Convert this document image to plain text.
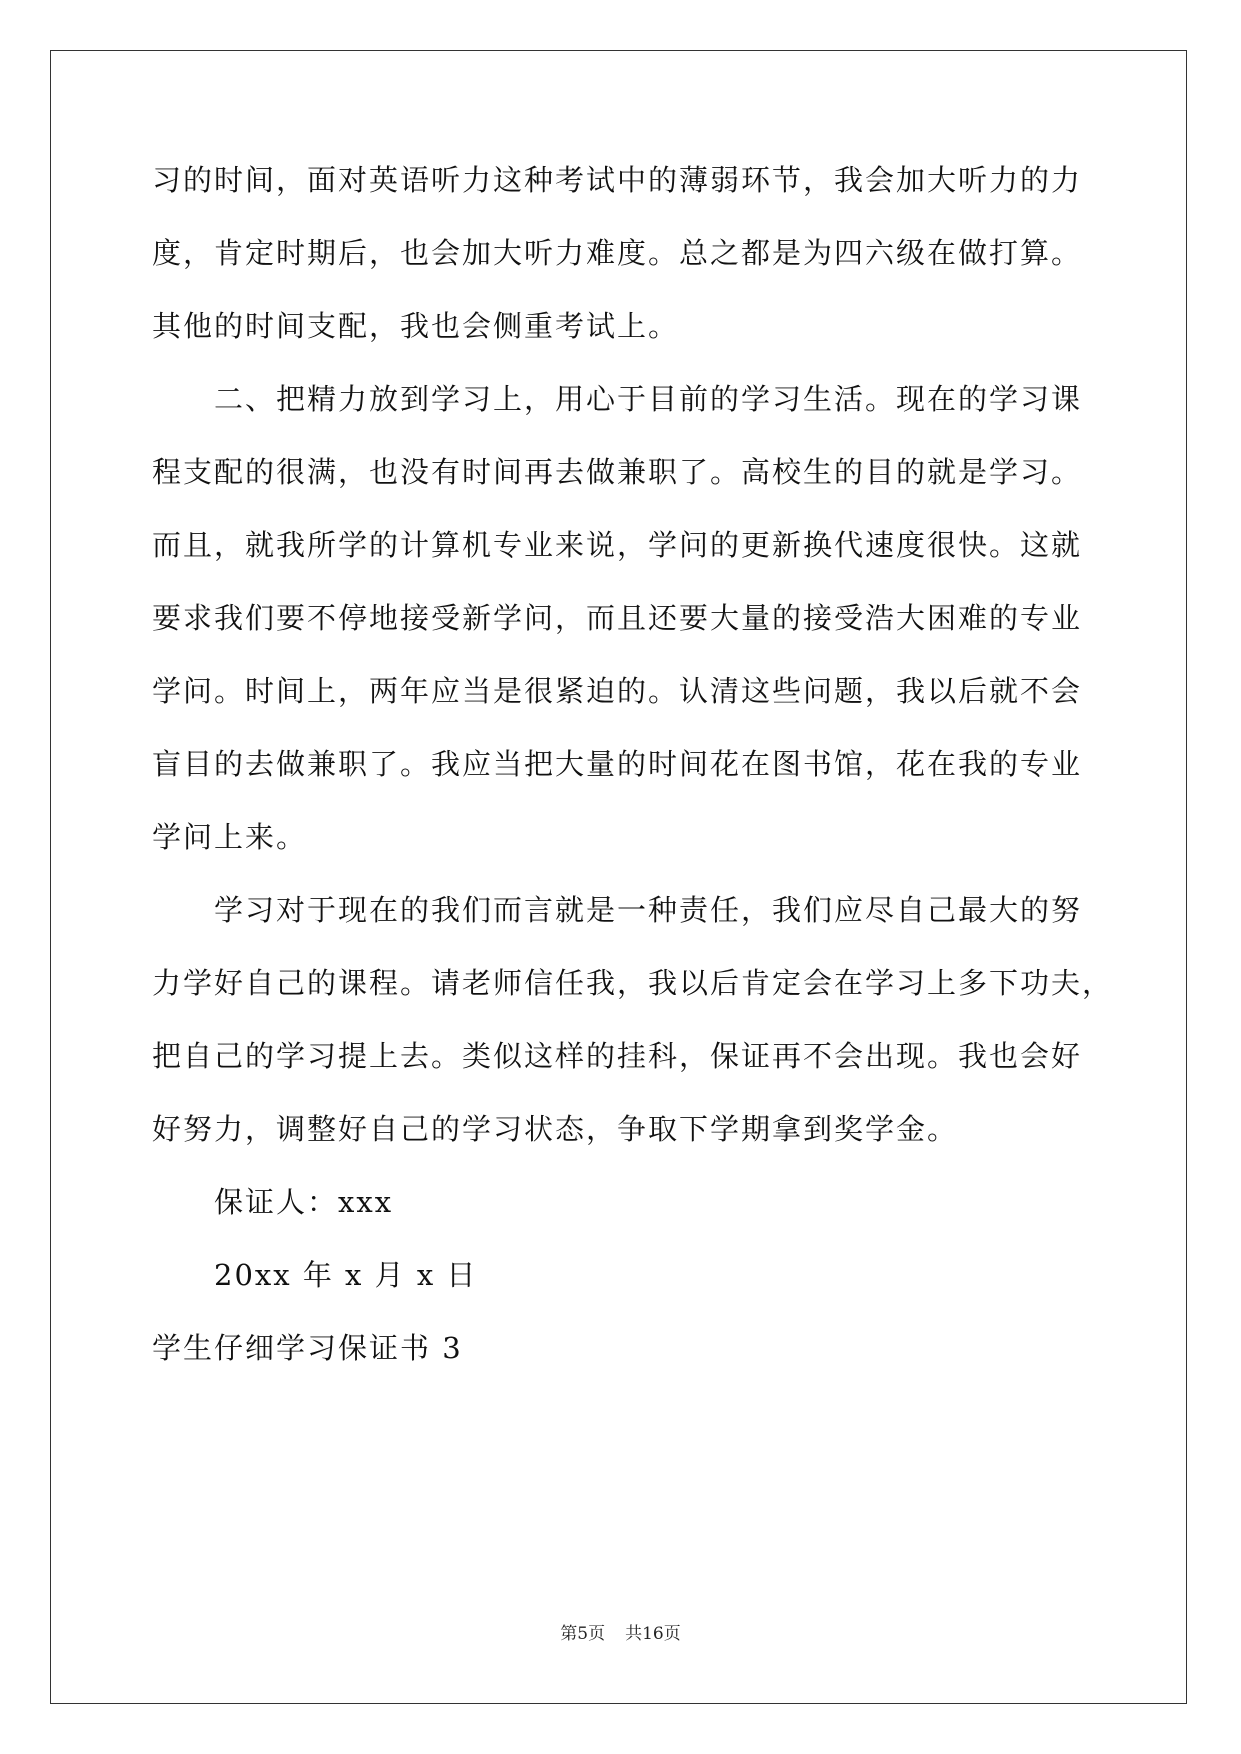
习的时间，面对英语听力这种考试中的薄弱环节，我会加大听力的力
度，肯定时期后，也会加大听力难度。总之都是为四六级在做打算。
其他的时间支配，我也会侧重考试上。
二、把精力放到学习上，用心于目前的学习生活。现在的学习课
程支配的很满，也没有时间再去做兼职了。高校生的目的就是学习。
而且，就我所学的计算机专业来说，学问的更新换代速度很快。这就
要求我们要不停地接受新学问，而且还要大量的接受浩大困难的专业
学问。时间上，两年应当是很紧迫的。认清这些问题，我以后就不会
盲目的去做兼职了。我应当把大量的时间花在图书馆，花在我的专业
学问上来。
学习对于现在的我们而言就是一种责任，我们应尽自己最大的努
力学好自己的课程。请老师信任我，我以后肯定会在学习上多下功夫，
把自己的学习提上去。类似这样的挂科，保证再不会出现。我也会好
好努力，调整好自己的学习状态，争取下学期拿到奖学金。
保证人：xxx
20xx 年 x 月 x 日
学生仔细学习保证书 3
第5页 共16页
